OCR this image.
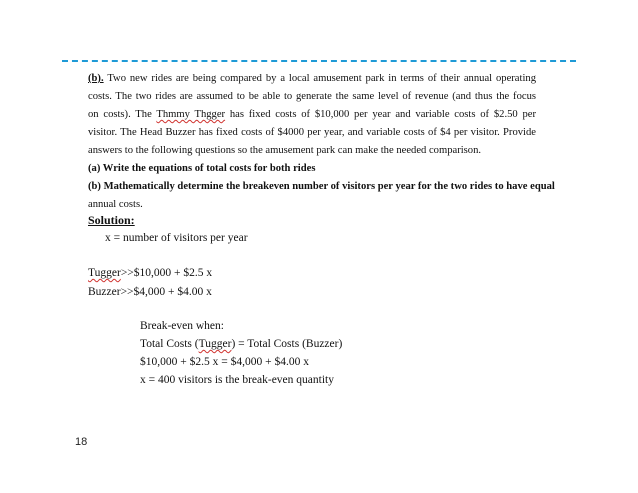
(b). Two new rides are being compared by a local amusement park in terms of their annual operating
costs. The two rides are assumed to be able to generate the same level of revenue (and thus the focus
on costs). The Thmmy Thgger has fixed costs of $10,000 per year and variable costs of $2.50 per
visitor. The Head Buzzer has fixed costs of $4000 per year, and variable costs of $4 per visitor. Provide
answers to the following questions so the amusement park can make the needed comparison.
(a) Write the equations of total costs for both rides
(b) Mathematically determine the breakeven number of visitors per year for the two rides to have equal
annual costs.

Solution:
x = number of visitors per year
Tugger>>$10,000 + $2.5 x
Buzzer>>$4,000 + $4.00 x
Break-even when:
Total Costs (Tugger) = Total Costs (Buzzer)
$10,000 + $2.5 x = $4,000 + $4.00 x
x = 400 visitors is the break-even quantity
18
